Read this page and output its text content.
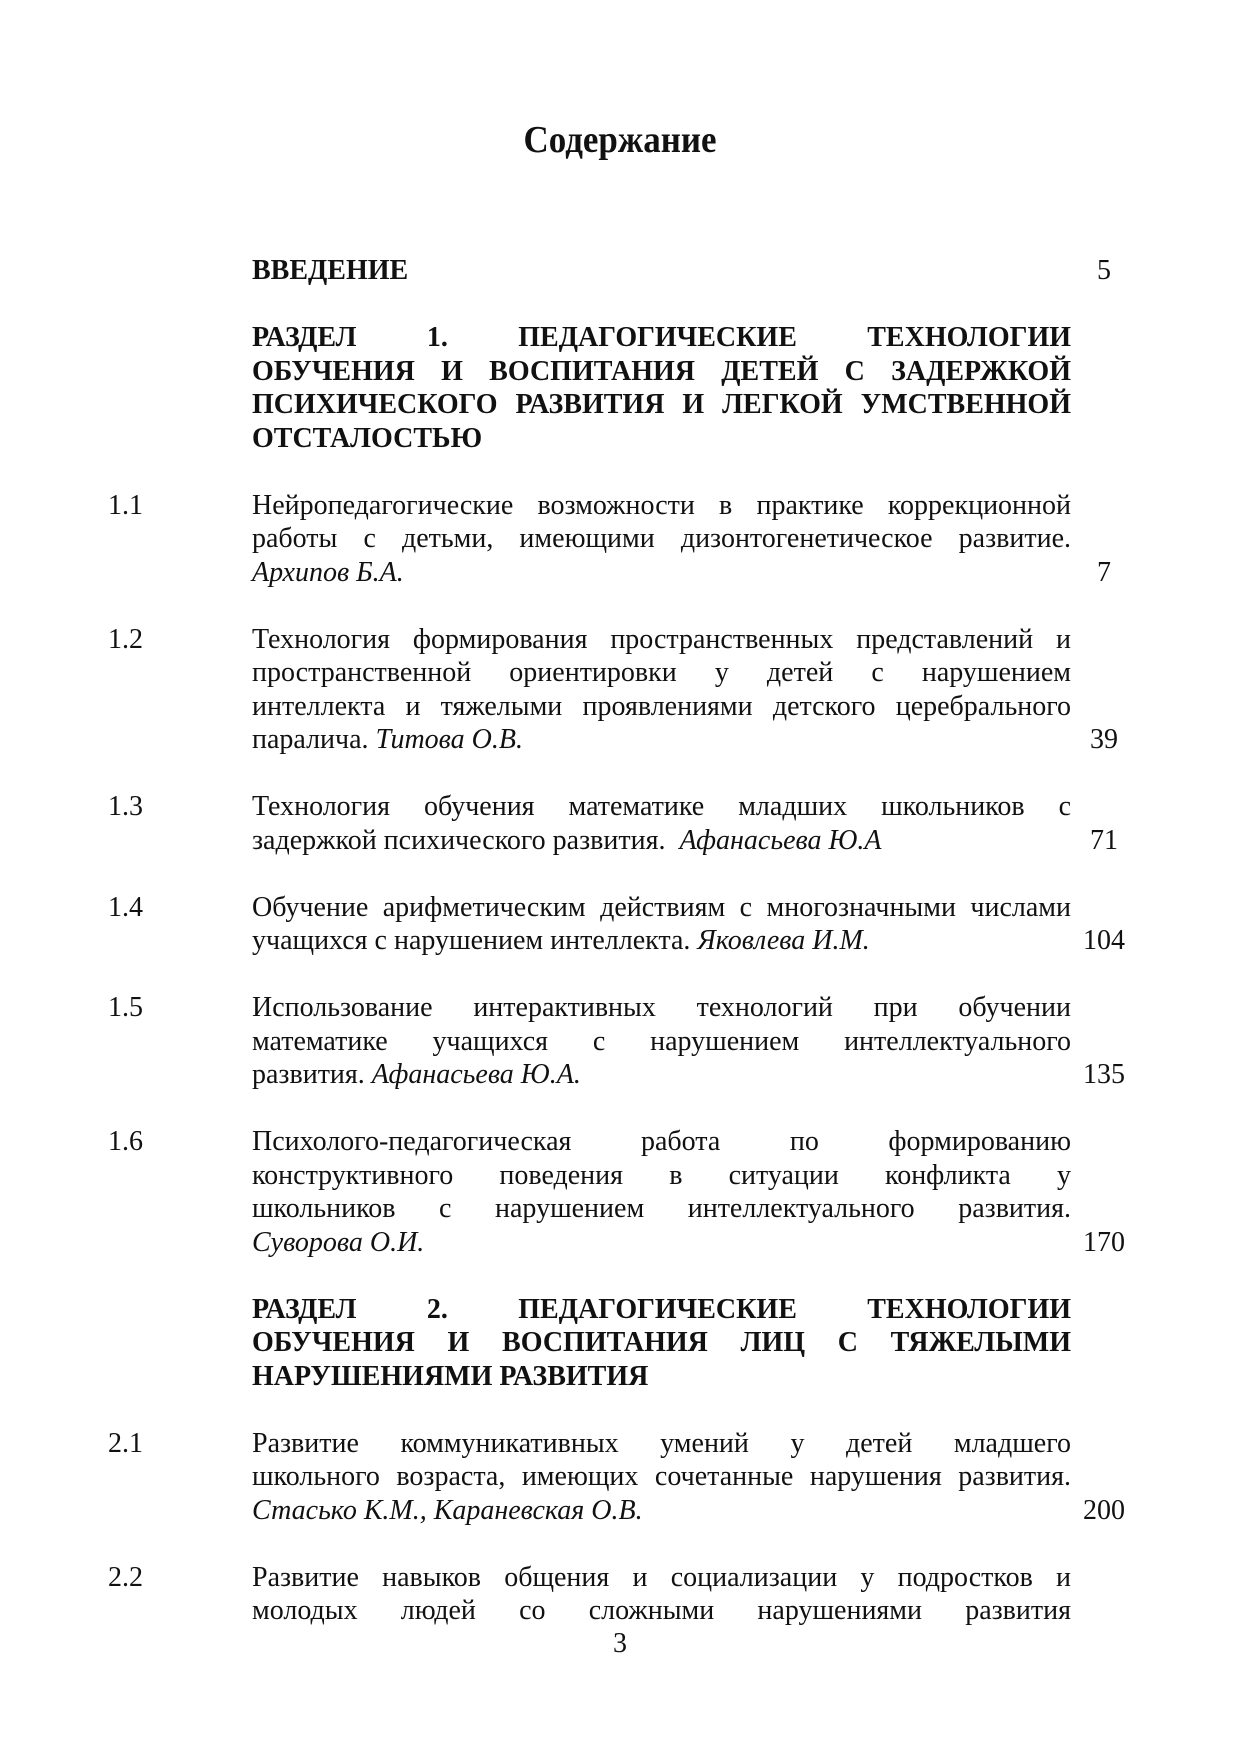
Содержание
ВВЕДЕНИЕ	5
РАЗДЕЛ 1. ПЕДАГОГИЧЕСКИЕ ТЕХНОЛОГИИ
ОБУЧЕНИЯ И ВОСПИТАНИЯ ДЕТЕЙ С ЗАДЕРЖКОЙ
ПСИХИЧЕСКОГО РАЗВИТИЯ И ЛЕГКОЙ УМСТВЕННОЙ
ОТСТАЛОСТЬЮ
1.1	Нейропедагогические возможности в практике коррекционной
работы с детьми, имеющими дизонтогенетическое развитие.
Архипов Б.А.	7
1.2	Технология формирования пространственных представлений и
пространственной ориентировки у детей с нарушением
интеллекта и тяжелыми проявлениями детского церебрального
паралича. Титова О.В.	39
1.3	Технология обучения математике младших школьников с
задержкой психического развития.  Афанасьева Ю.А	71
1.4	Обучение арифметическим действиям с многозначными числами
учащихся с нарушением интеллекта. Яковлева И.М.	104
1.5	Использование интерактивных технологий при обучении
математике учащихся с нарушением интеллектуального
развития. Афанасьева Ю.А.	135
1.6	Психолого-педагогическая работа по формированию
конструктивного поведения в ситуации конфликта у
школьников с нарушением интеллектуального развития.
Суворова О.И.	170
РАЗДЕЛ 2. ПЕДАГОГИЧЕСКИЕ ТЕХНОЛОГИИ
ОБУЧЕНИЯ И ВОСПИТАНИЯ ЛИЦ С ТЯЖЕЛЫМИ
НАРУШЕНИЯМИ РАЗВИТИЯ
2.1	Развитие коммуникативных умений у детей младшего
школьного возраста, имеющих сочетанные нарушения развития.
Стасько К.М., Караневская О.В.	200
2.2	Развитие навыков общения и социализации у подростков и
молодых людей со сложными нарушениями развития
3
